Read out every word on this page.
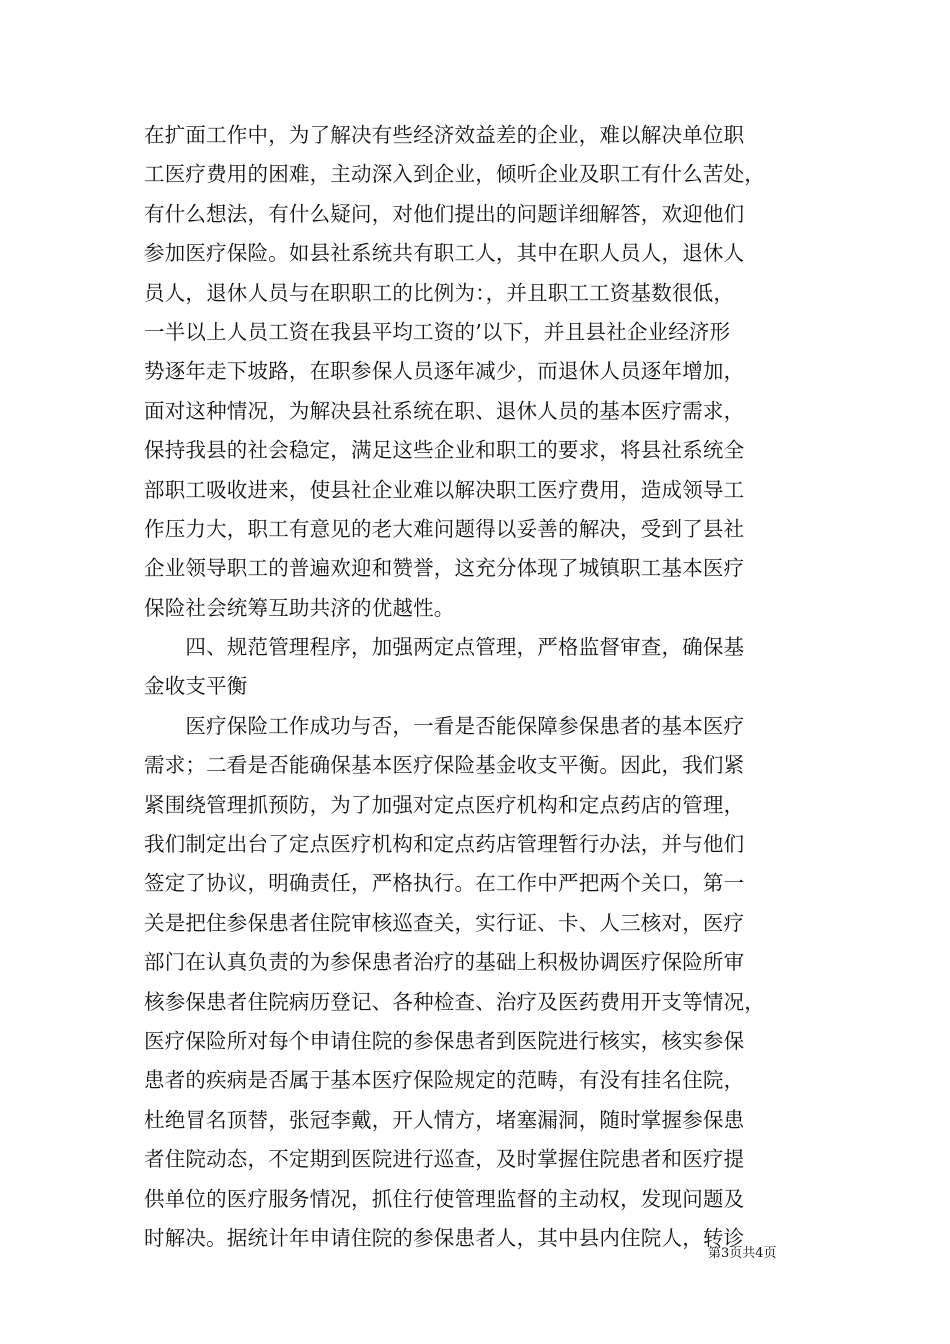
在扩面工作中，为了解决有些经济效益差的企业，难以解决单位职
工医疗费用的困难，主动深入到企业，倾听企业及职工有什么苦处，
有什么想法，有什么疑问，对他们提出的问题详细解答，欢迎他们
参加医疗保险。如县社系统共有职工人，其中在职人员人，退休人
员人，退休人员与在职职工的比例为：，并且职工工资基数很低，
一半以上人员工资在我县平均工资的’以下，并且县社企业经济形
势逐年走下坡路，在职参保人员逐年减少，而退休人员逐年增加，
面对这种情况，为解决县社系统在职、退休人员的基本医疗需求，
保持我县的社会稳定，满足这些企业和职工的要求，将县社系统全
部职工吸收进来，使县社企业难以解决职工医疗费用，造成领导工
作压力大，职工有意见的老大难问题得以妥善的解决，受到了县社
企业领导职工的普遍欢迎和赞誉，这充分体现了城镇职工基本医疗
保险社会统筹互助共济的优越性。
　　四、规范管理程序，加强两定点管理，严格监督审查，确保基
金收支平衡
　　医疗保险工作成功与否，一看是否能保障参保患者的基本医疗
需求；二看是否能确保基本医疗保险基金收支平衡。因此，我们紧
紧围绕管理抓预防，为了加强对定点医疗机构和定点药店的管理，
我们制定出台了定点医疗机构和定点药店管理暂行办法，并与他们
签定了协议，明确责任，严格执行。在工作中严把两个关口，第一
关是把住参保患者住院审核巡查关，实行证、卡、人三核对，医疗
部门在认真负责的为参保患者治疗的基础上积极协调医疗保险所审
核参保患者住院病历登记、各种检查、治疗及医药费用开支等情况，
医疗保险所对每个申请住院的参保患者到医院进行核实，核实参保
患者的疾病是否属于基本医疗保险规定的范畴，有没有挂名住院，
杜绝冒名顶替，张冠李戴，开人情方，堵塞漏洞，随时掌握参保患
者住院动态，不定期到医院进行巡查，及时掌握住院患者和医疗提
供单位的医疗服务情况，抓住行使管理监督的主动权，发现问题及
时解决。据统计年申请住院的参保患者人，其中县内住院人，转诊
第3页共4页
